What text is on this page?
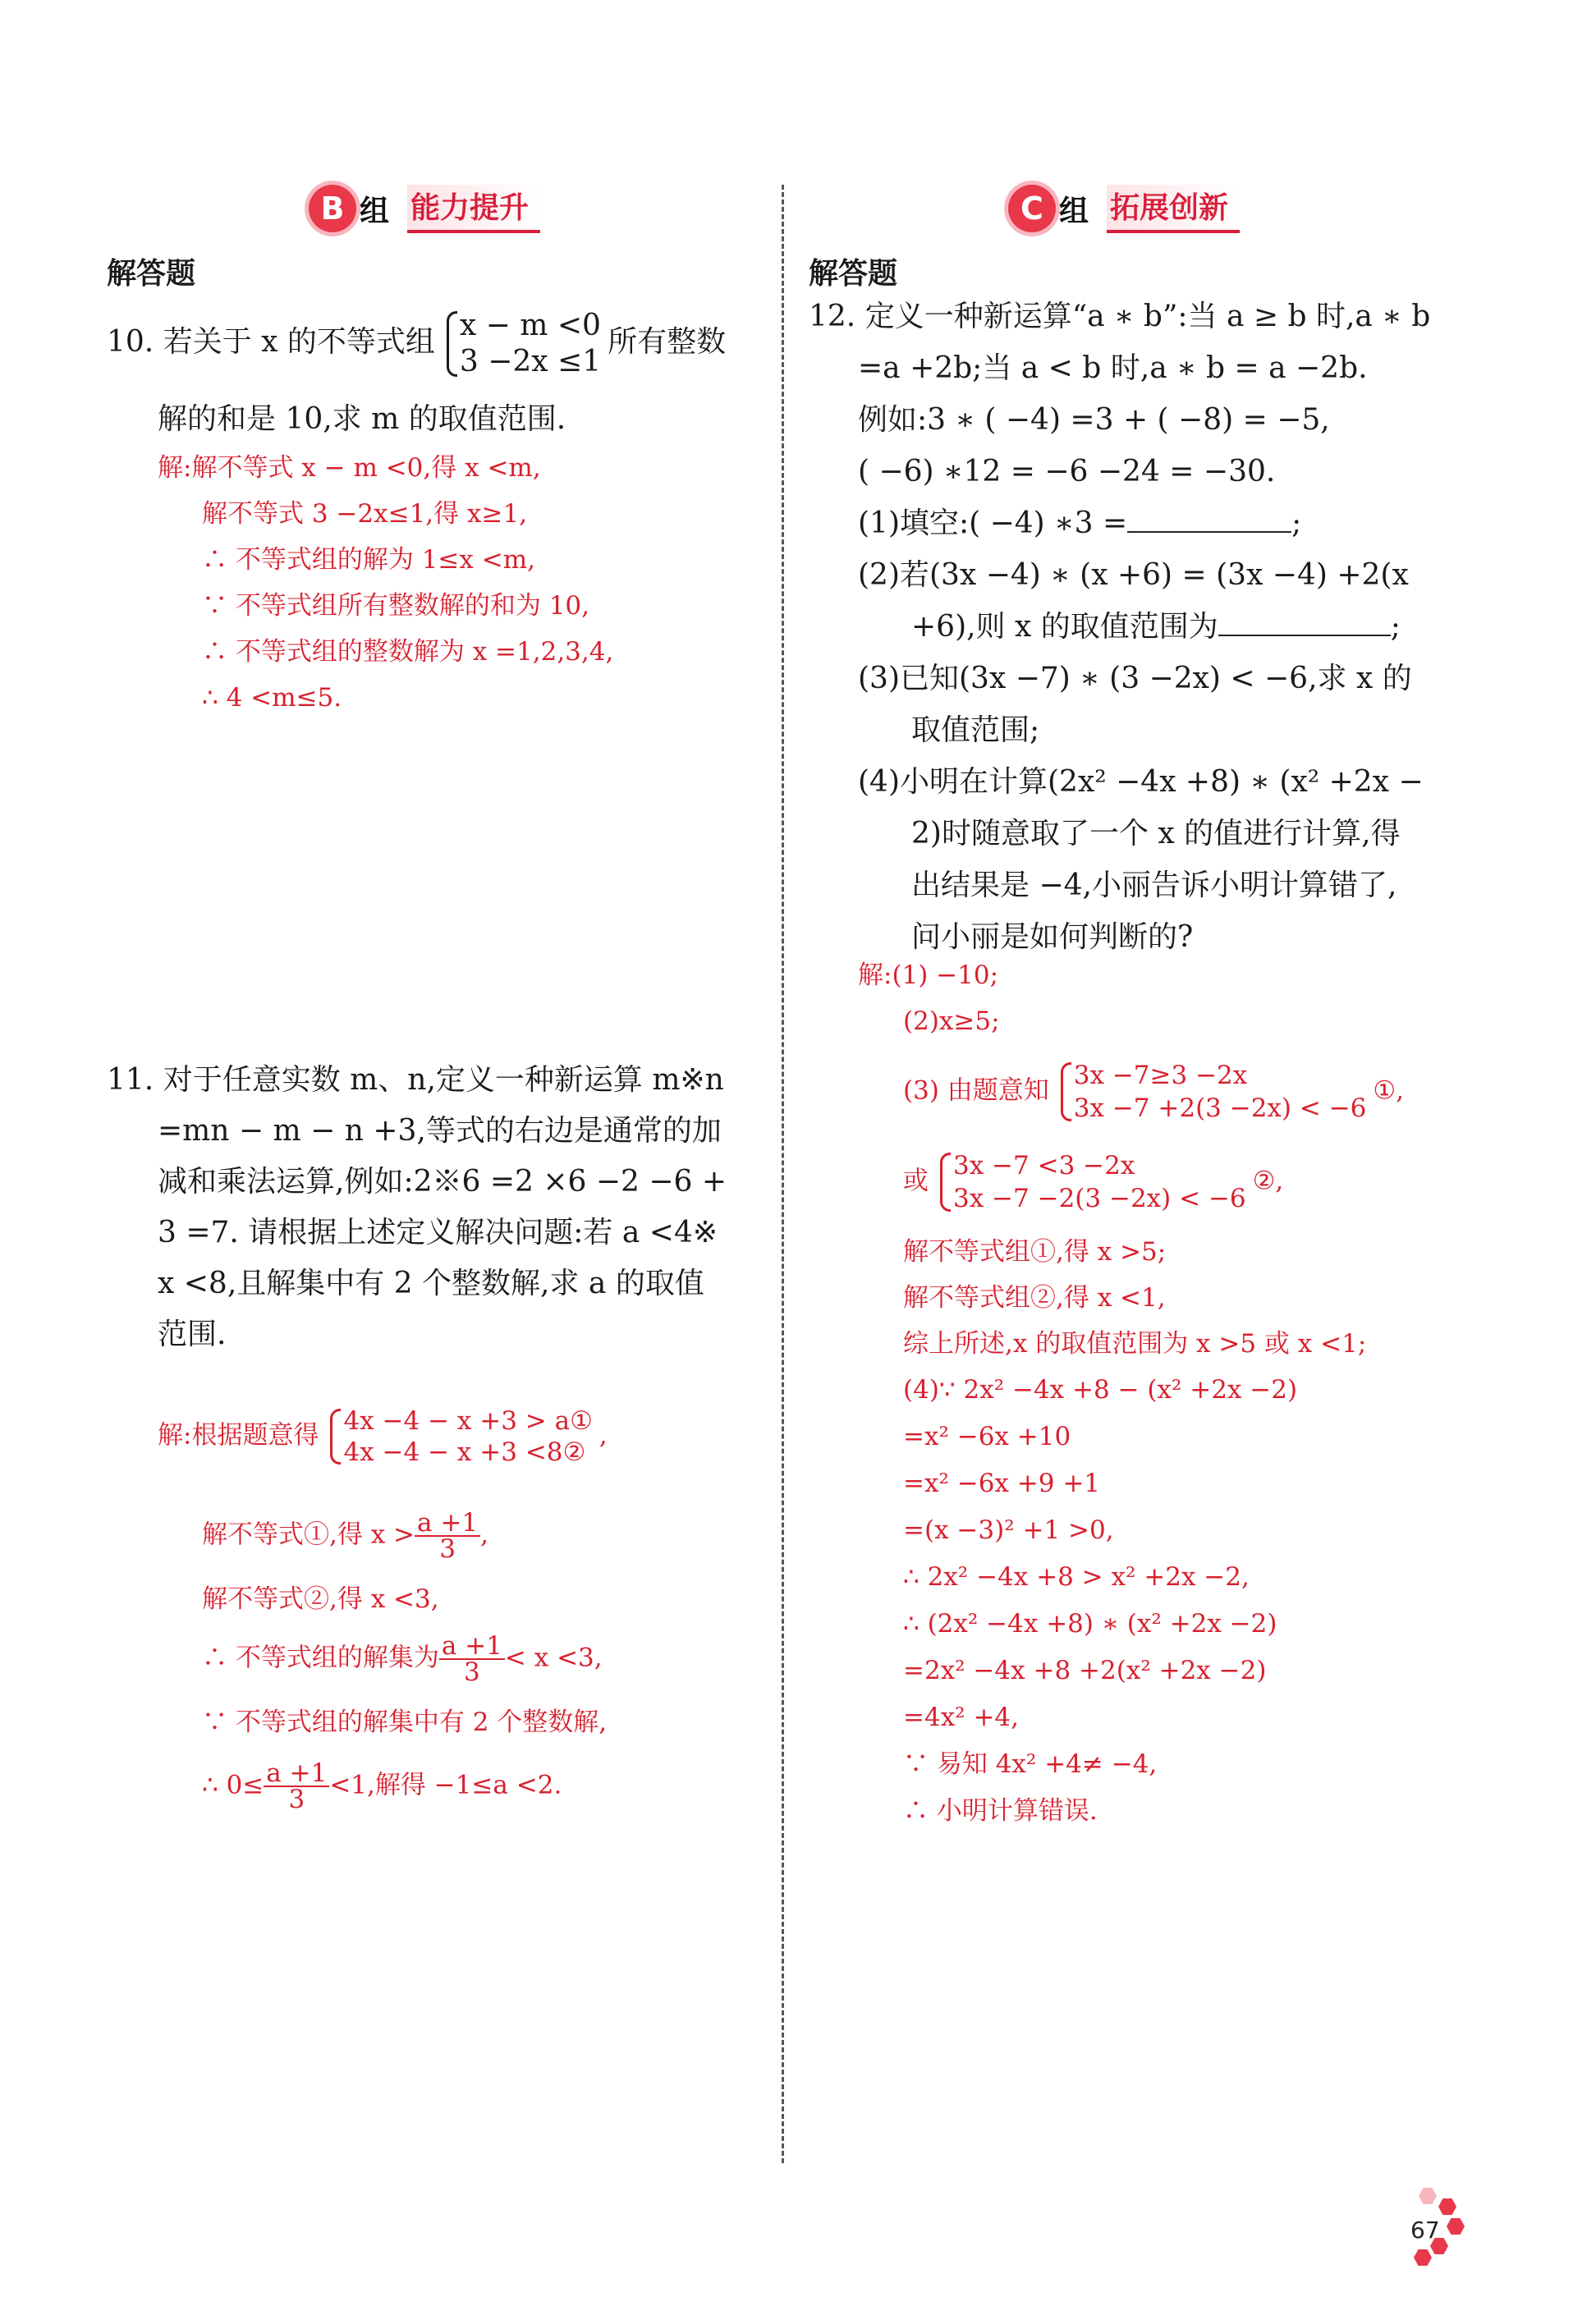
B 组 能力提升
解答题
10. 若关于 x 的不等式组 x − m <0
3 −2x ≤1
所有整数
解的和是 10,求 m 的取值范围.
解:解不等式 x − m <0,得 x <m,
解不等式 3 −2x≤1,得 x≥1,
∴ 不等式组的解为 1≤x <m,
∵ 不等式组所有整数解的和为 10,
∴ 不等式组的整数解为 x =1,2,3,4,
∴ 4 <m≤5.
11. 对于任意实数 m、n,定义一种新运算 m※n
=mn − m − n +3,等式的右边是通常的加
减和乘法运算,例如:2※6 =2 ×6 −2 −6 +
3 =7. 请根据上述定义解决问题:若 a <4※
x <8,且解集中有 2 个整数解,求 a 的取值
范围.
解:根据题意得 4x −4 − x +3 > a①
4x −4 − x +3 <8②
,
解不等式①,得 $x > \frac{a +1}{3}$ ,
解不等式②,得 x <3,
∴ 不等式组的解集为 $\frac{a +1}{3} < x <3$,
∵ 不等式组的解集中有 2 个整数解,
∴ $0\le \frac{a +1}{3} <1$,解得 −1≤a <2.
C 组 拓展创新
解答题
12. 定义一种新运算“a ∗ b”:当 a ≥ b 时,a ∗ b
=a +2b;当 a < b 时,a ∗ b = a −2b.
例如:3 ∗ ( −4) =3 + ( −8) = −5,
( −6) ∗12 = −6 −24 = −30.
(1)填空:( −4) ∗3 =	;
(2)若(3x −4) ∗ (x +6) = (3x −4) +2(x
+6),则 x 的取值范围为	;
(3)已知(3x −7) ∗ (3 −2x) < −6,求 x 的
取值范围;
(4)小明在计算(2x² −4x +8) ∗ (x² +2x −
2)时随意取了一个 x 的值进行计算,得
出结果是 −4,小丽告诉小明计算错了,
问小丽是如何判断的?
解:(1) −10;
(2)x≥5;
(3) 由题意知
3x −7≥3 −2x
3x −7 +2(3 −2x) < −6
①,
或
3x −7 <3 −2x
3x −7 −2(3 −2x) < −6
②,
解不等式组①,得 x >5;
解不等式组②,得 x <1,
综上所述,x 的取值范围为 x >5 或 x <1;
(4)∵ 2x² −4x +8 − (x² +2x −2)
=x² −6x +10
=x² −6x +9 +1
=(x −3)² +1 >0,
∴ 2x² −4x +8 > x² +2x −2,
∴ (2x² −4x +8) ∗ (x² +2x −2)
=2x² −4x +8 +2(x² +2x −2)
=4x² +4,
∵ 易知 4x² +4≠ −4,
∴ 小明计算错误.
67
